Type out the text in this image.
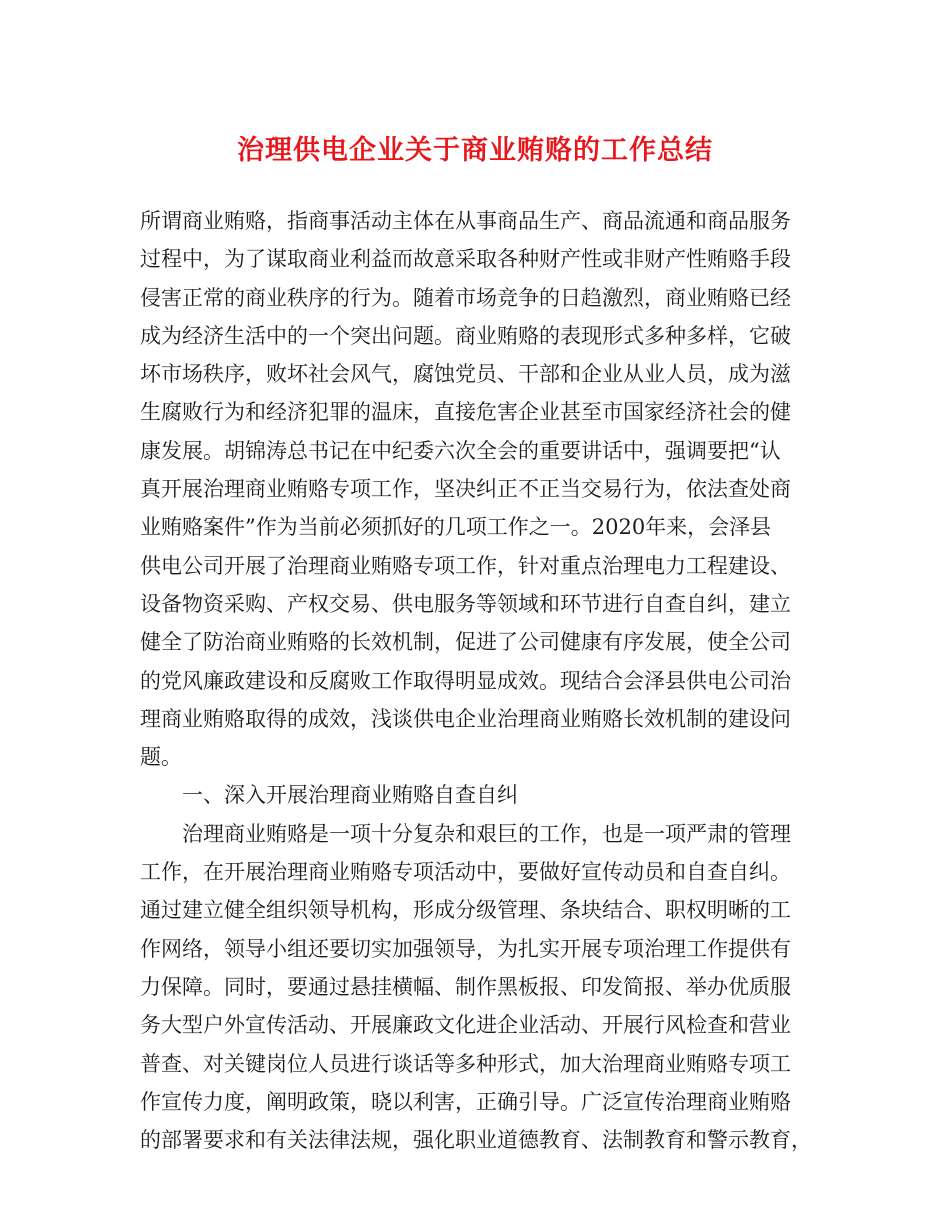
治理供电企业关于商业贿赂的工作总结
所谓商业贿赂，指商事活动主体在从事商品生产、商品流通和商品服务
过程中，为了谋取商业利益而故意采取各种财产性或非财产性贿赂手段
侵害正常的商业秩序的行为。随着市场竞争的日趋激烈，商业贿赂已经
成为经济生活中的一个突出问题。商业贿赂的表现形式多种多样，它破
坏市场秩序，败坏社会风气，腐蚀党员、干部和企业从业人员，成为滋
生腐败行为和经济犯罪的温床，直接危害企业甚至市国家经济社会的健
康发展。胡锦涛总书记在中纪委六次全会的重要讲话中，强调要把“认
真开展治理商业贿赂专项工作，坚决纠正不正当交易行为，依法查处商
业贿赂案件”作为当前必须抓好的几项工作之一。2020年来，会泽县
供电公司开展了治理商业贿赂专项工作，针对重点治理电力工程建设、
设备物资采购、产权交易、供电服务等领域和环节进行自查自纠，建立
健全了防治商业贿赂的长效机制，促进了公司健康有序发展，使全公司
的党风廉政建设和反腐败工作取得明显成效。现结合会泽县供电公司治
理商业贿赂取得的成效，浅谈供电企业治理商业贿赂长效机制的建设问
题。
一、深入开展治理商业贿赂自查自纠
治理商业贿赂是一项十分复杂和艰巨的工作，也是一项严肃的管理
工作，在开展治理商业贿赂专项活动中，要做好宣传动员和自查自纠。
通过建立健全组织领导机构，形成分级管理、条块结合、职权明晰的工
作网络，领导小组还要切实加强领导，为扎实开展专项治理工作提供有
力保障。同时，要通过悬挂横幅、制作黑板报、印发简报、举办优质服
务大型户外宣传活动、开展廉政文化进企业活动、开展行风检查和营业
普查、对关键岗位人员进行谈话等多种形式，加大治理商业贿赂专项工
作宣传力度，阐明政策，晓以利害，正确引导。广泛宣传治理商业贿赂
的部署要求和有关法律法规，强化职业道德教育、法制教育和警示教育，
